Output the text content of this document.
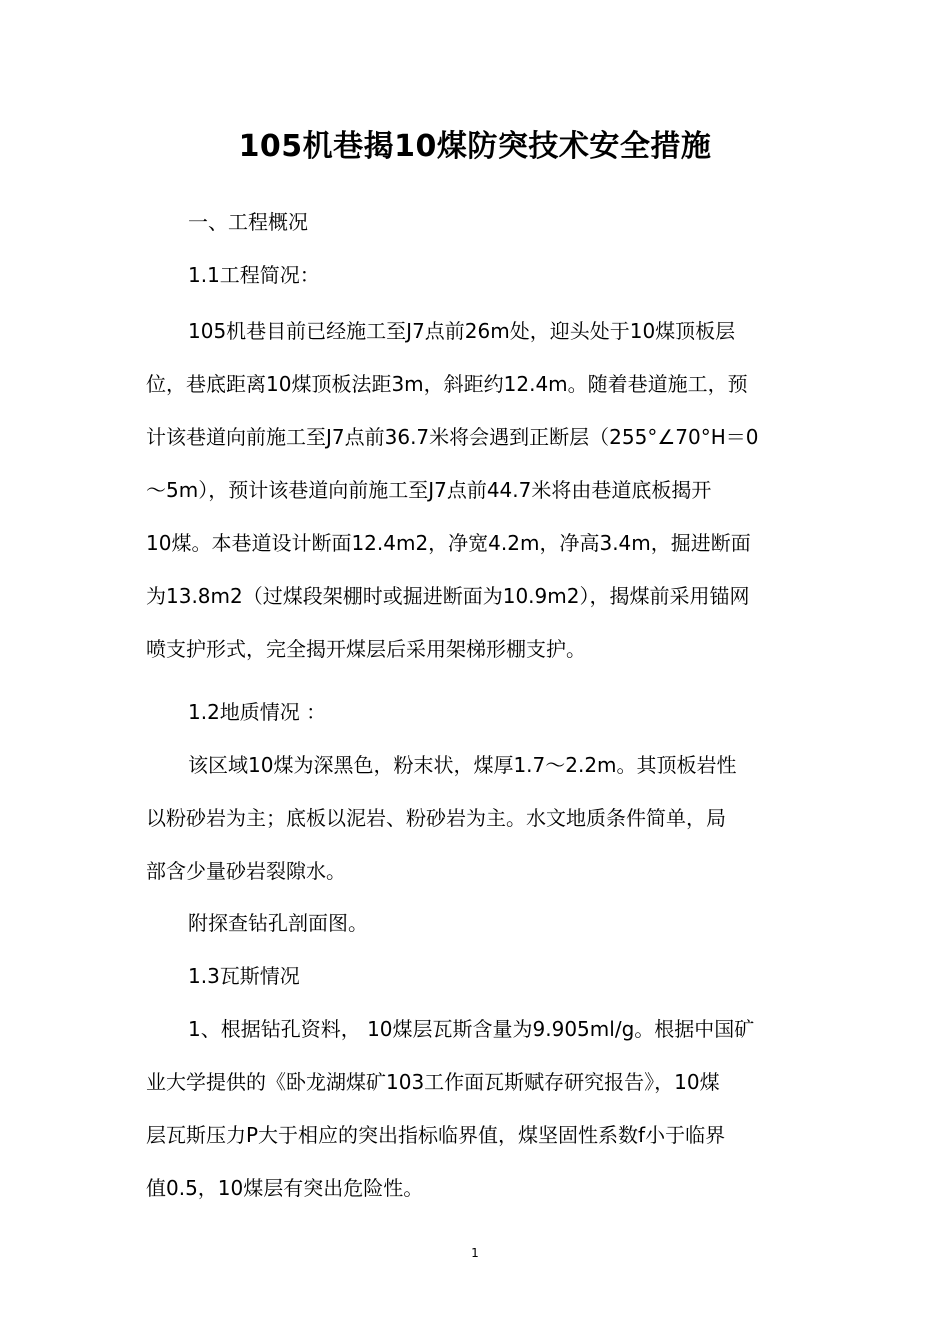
105机巷揭10煤防突技术安全措施

一、工程概况

1.1工程简况：

105机巷目前已经施工至J7点前26m处，迎头处于10煤顶板层
位，巷底距离10煤顶板法距3m，斜距约12.4m。随着巷道施工，预
计该巷道向前施工至J7点前36.7米将会遇到正断层（255°∠70°H＝0
～5m），预计该巷道向前施工至J7点前44.7米将由巷道底板揭开
10煤。本巷道设计断面12.4m2，净宽4.2m，净高3.4m，掘进断面
为13.8m2（过煤段架棚时或掘进断面为10.9m2），揭煤前采用锚网
喷支护形式，完全揭开煤层后采用架梯形棚支护。

1.2地质情况 ：

该区域10煤为深黑色，粉末状，煤厚1.7～2.2m。其顶板岩性
以粉砂岩为主；底板以泥岩、粉砂岩为主。水文地质条件简单，局
部含少量砂岩裂隙水。

附探查钻孔剖面图。

1.3瓦斯情况

1、根据钻孔资料， 10煤层瓦斯含量为9.905ml/g。根据中国矿
业大学提供的《卧龙湖煤矿103工作面瓦斯赋存研究报告》，10煤
层瓦斯压力P大于相应的突出指标临界值，煤坚固性系数f小于临界
值0.5，10煤层有突出危险性。
1
